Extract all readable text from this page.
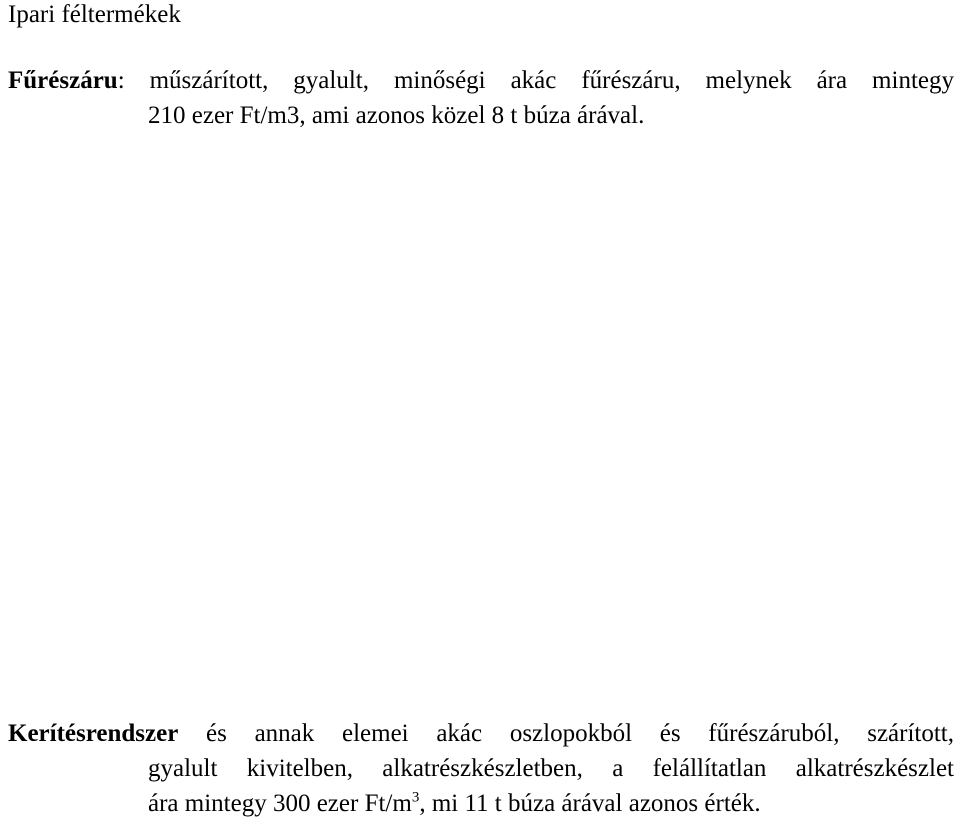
Ipari féltermékek
Fűrészáru: műszárított, gyalult, minőségi akác fűrészáru, melynek ára mintegy
210 ezer Ft/m3, ami azonos közel 8 t búza árával.
Kerítésrendszer és annak elemei akác oszlopokból és fűrészáruból, szárított,
gyalult kivitelben, alkatrészkészletben, a felállítatlan alkatrészkészlet
ára mintegy 300 ezer $Ft/m^3$, mi 11 t búza árával azonos érték.
